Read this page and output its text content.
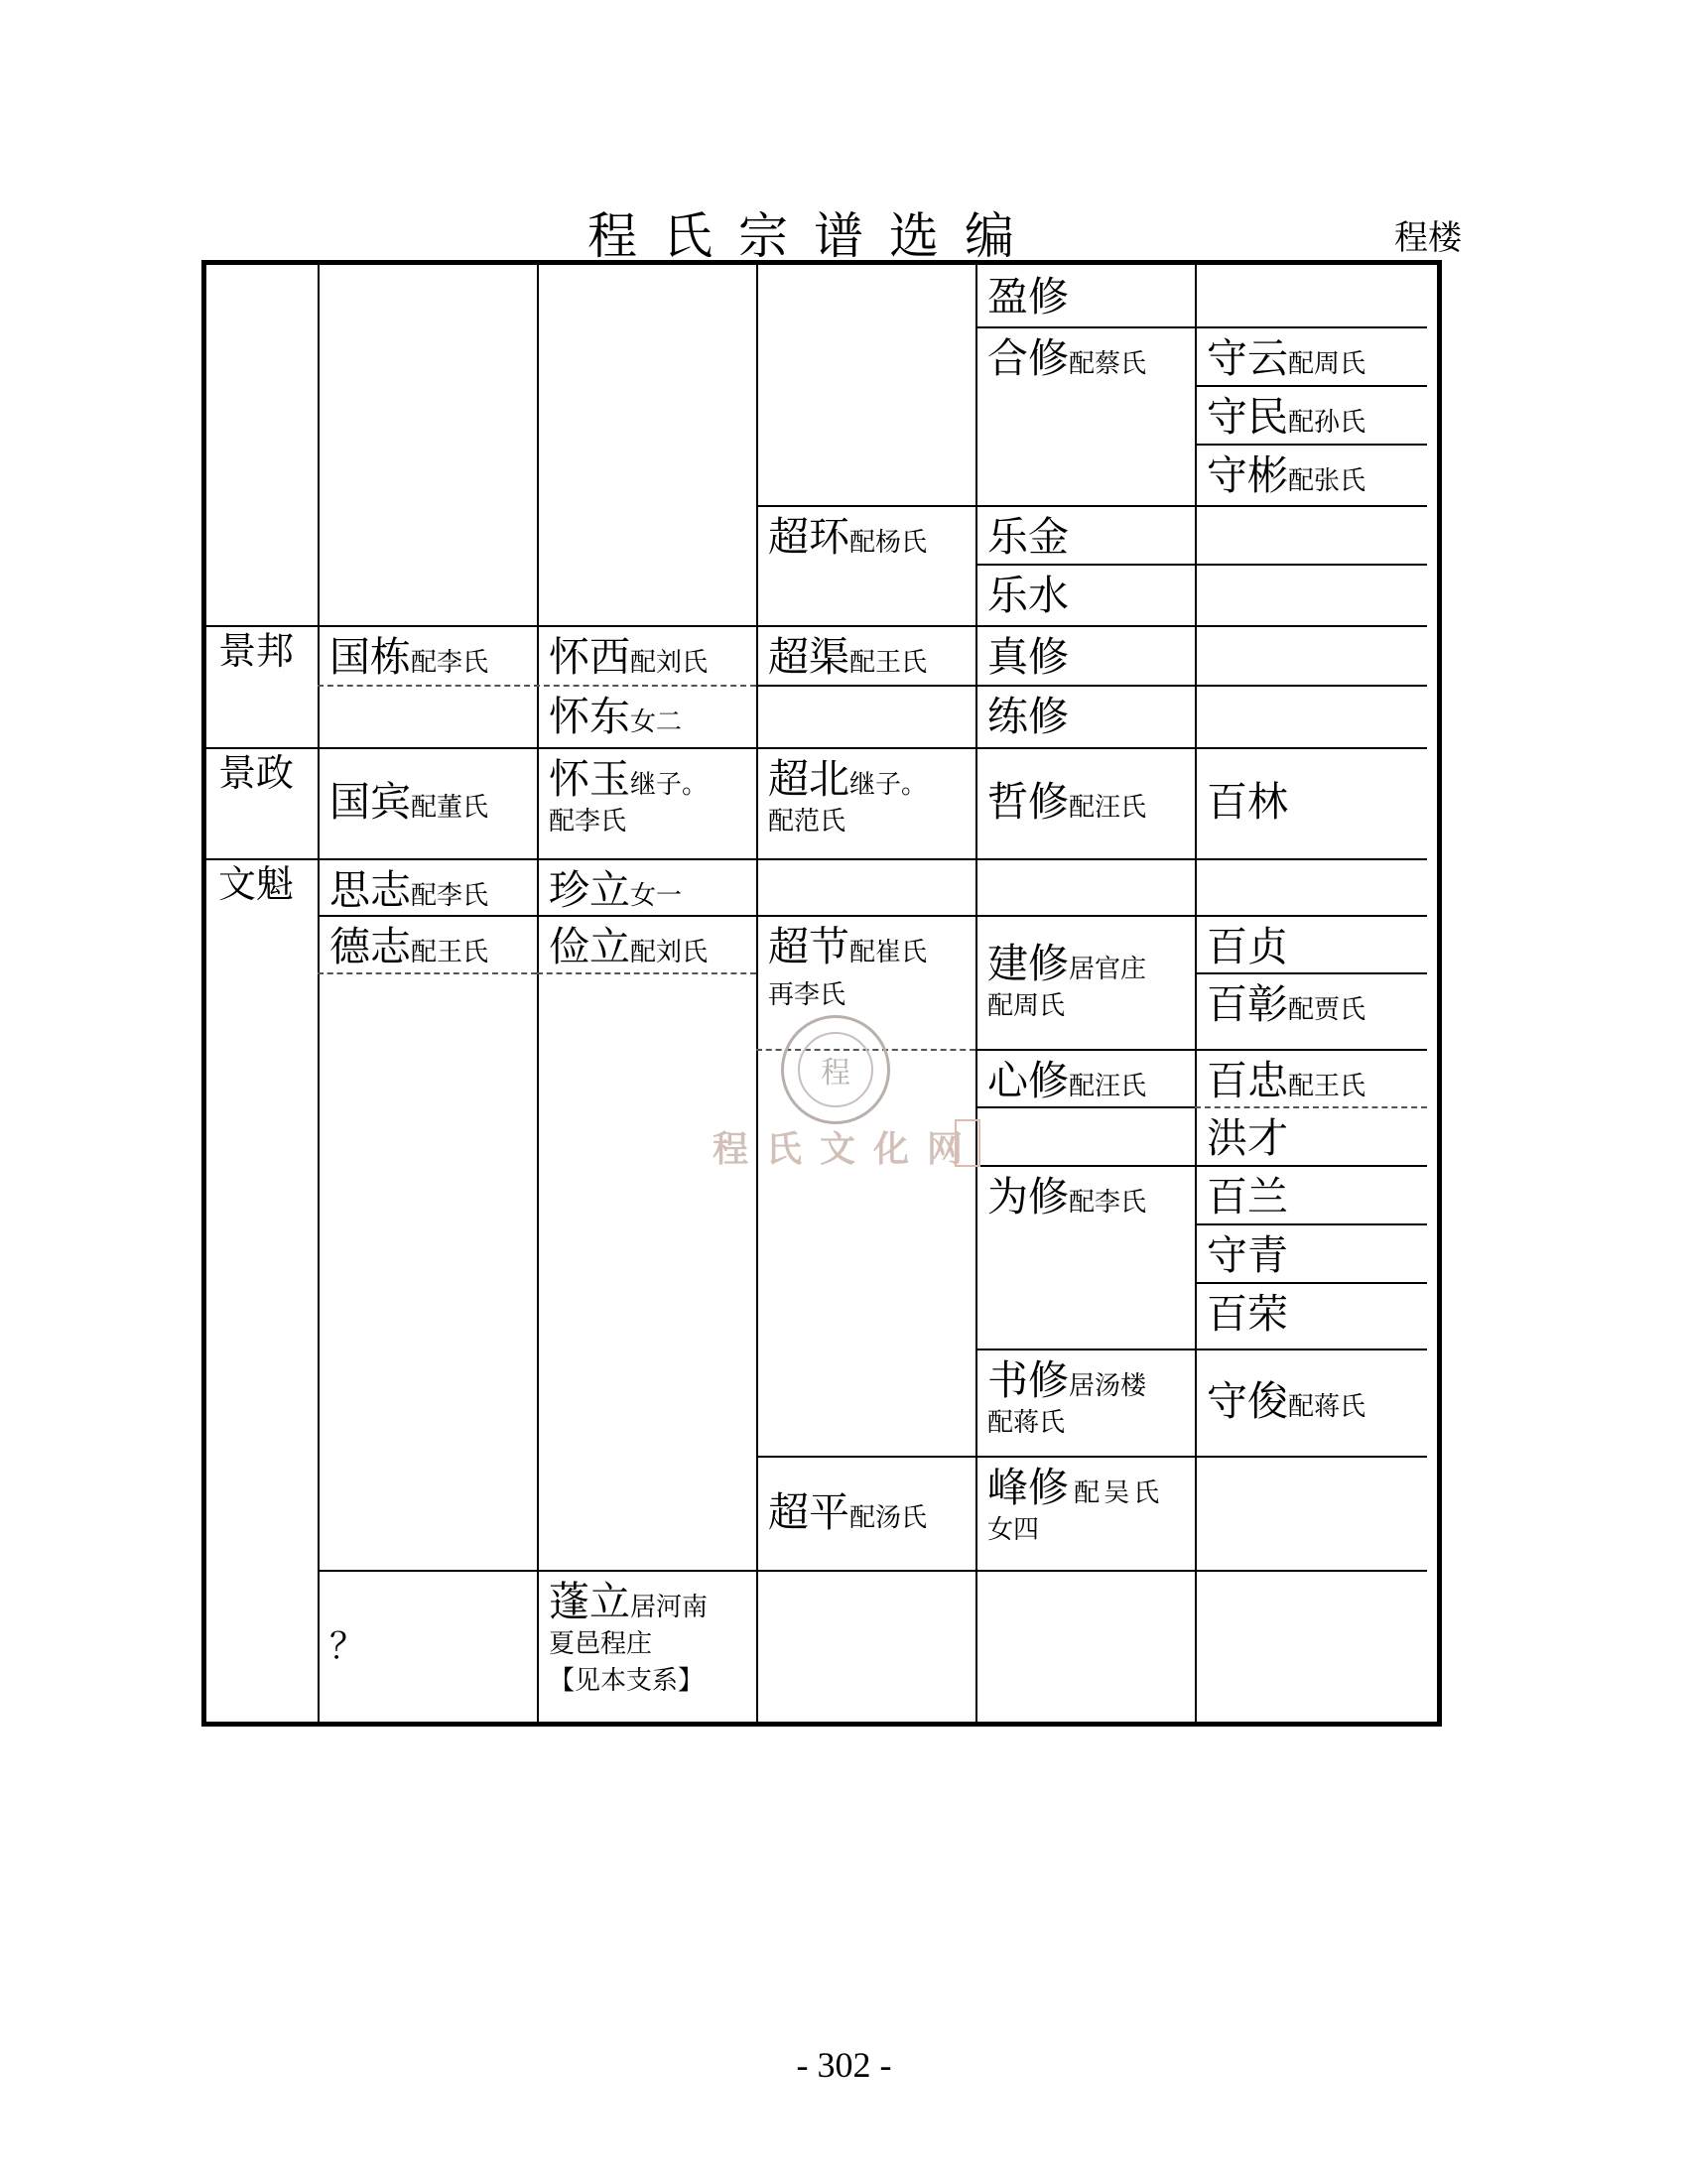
程氏宗谱选编	程楼
景邦
景政
文魁
国栋配李氏
国宾配董氏
思志配李氏
德志配王氏
？
怀西配刘氏
怀东女二
怀玉继子。
配李氏
珍立女一
俭立配刘氏
蓬立居河南
夏邑程庄
【见本支系】
超环配杨氏
超渠配王氏
超北继子。
配范氏
超节配崔氏
再李氏
超平配汤氏
盈修
合修配蔡氏
乐金
乐水
真修
练修
哲修配汪氏
建修居官庄
配周氏
心修配汪氏
为修配李氏
书修居汤楼
配蒋氏
峰修 配吴氏
女四
守云配周氏
守民配孙氏
守彬配张氏
百林
百贞
百彰配贾氏
百忠配王氏
洪才
百兰
守青
百荣
守俊配蒋氏
程
程氏文化网
- 302 -
